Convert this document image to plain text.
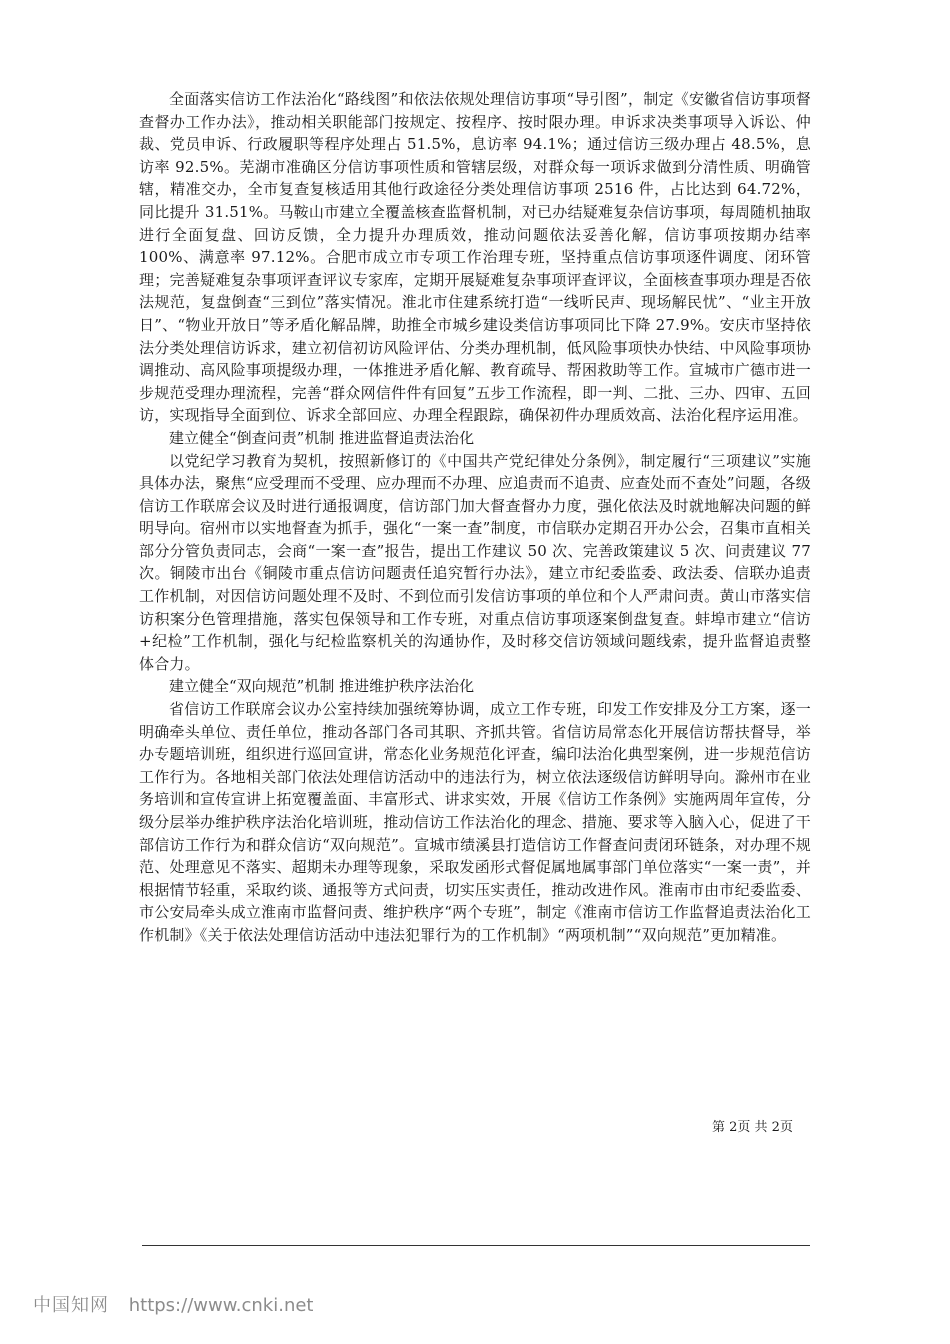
全面落实信访工作法治化“路线图”和依法依规处理信访事项“导引图”，制定《安徽省信访事项督查督办工作办法》，推动相关职能部门按规定、按程序、按时限办理。申诉求决类事项导入诉讼、仲裁、党员申诉、行政履职等程序处理占 51.5%，息访率 94.1%；通过信访三级办理占 48.5%，息访率 92.5%。芜湖市准确区分信访事项性质和管辖层级，对群众每一项诉求做到分清性质、明确管辖，精准交办，全市复查复核适用其他行政途径分类处理信访事项 2516 件，占比达到 64.72%，同比提升 31.51%。马鞍山市建立全覆盖核查监督机制，对已办结疑难复杂信访事项，每周随机抽取进行全面复盘、回访反馈，全力提升办理质效，推动问题依法妥善化解，信访事项按期办结率 100%、满意率 97.12%。合肥市成立市专项工作治理专班，坚持重点信访事项逐件调度、闭环管理；完善疑难复杂事项评查评议专家库，定期开展疑难复杂事项评查评议，全面核查事项办理是否依法规范，复盘倒查“三到位”落实情况。淮北市住建系统打造“一线听民声、现场解民忧”、“业主开放日”、“物业开放日”等矛盾化解品牌，助推全市城乡建设类信访事项同比下降 27.9%。安庆市坚持依法分类处理信访诉求，建立初信初访风险评估、分类办理机制，低风险事项快办快结、中风险事项协调推动、高风险事项提级办理，一体推进矛盾化解、教育疏导、帮困救助等工作。宣城市广德市进一步规范受理办理流程，完善“群众网信件件有回复”五步工作流程，即一判、二批、三办、四审、五回访，实现指导全面到位、诉求全部回应、办理全程跟踪，确保初件办理质效高、法治化程序运用准。

建立健全“倒查问责”机制 推进监督追责法治化

以党纪学习教育为契机，按照新修订的《中国共产党纪律处分条例》，制定履行“三项建议”实施具体办法，聚焦“应受理而不受理、应办理而不办理、应追责而不追责、应查处而不查处”问题，各级信访工作联席会议及时进行通报调度，信访部门加大督查督办力度，强化依法及时就地解决问题的鲜明导向。宿州市以实地督查为抓手，强化“一案一查”制度，市信联办定期召开办公会，召集市直相关部分分管负责同志，会商“一案一查”报告，提出工作建议 50 次、完善政策建议 5 次、问责建议 77 次。铜陵市出台《铜陵市重点信访问题责任追究暂行办法》，建立市纪委监委、政法委、信联办追责工作机制，对因信访问题处理不及时、不到位而引发信访事项的单位和个人严肃问责。黄山市落实信访积案分色管理措施，落实包保领导和工作专班，对重点信访事项逐案倒盘复查。蚌埠市建立“信访+纪检”工作机制，强化与纪检监察机关的沟通协作，及时移交信访领域问题线索，提升监督追责整体合力。

建立健全“双向规范”机制 推进维护秩序法治化

省信访工作联席会议办公室持续加强统筹协调，成立工作专班，印发工作安排及分工方案，逐一明确牵头单位、责任单位，推动各部门各司其职、齐抓共管。省信访局常态化开展信访帮扶督导，举办专题培训班，组织进行巡回宣讲，常态化业务规范化评查，编印法治化典型案例，进一步规范信访工作行为。各地相关部门依法处理信访活动中的违法行为，树立依法逐级信访鲜明导向。滁州市在业务培训和宣传宣讲上拓宽覆盖面、丰富形式、讲求实效，开展《信访工作条例》实施两周年宣传，分级分层举办维护秩序法治化培训班，推动信访工作法治化的理念、措施、要求等入脑入心，促进了干部信访工作行为和群众信访“双向规范”。宣城市绩溪县打造信访工作督查问责闭环链条，对办理不规范、处理意见不落实、超期未办理等现象，采取发函形式督促属地属事部门单位落实“一案一责”，并根据情节轻重，采取约谈、通报等方式问责，切实压实责任，推动改进作风。淮南市由市纪委监委、市公安局牵头成立淮南市监督问责、维护秩序“两个专班”，制定《淮南市信访工作监督追责法治化工作机制》《关于依法处理信访活动中违法犯罪行为的工作机制》“两项机制”“双向规范”更加精准。

第 2页 共 2页
中国知网 https://www.cnki.net
